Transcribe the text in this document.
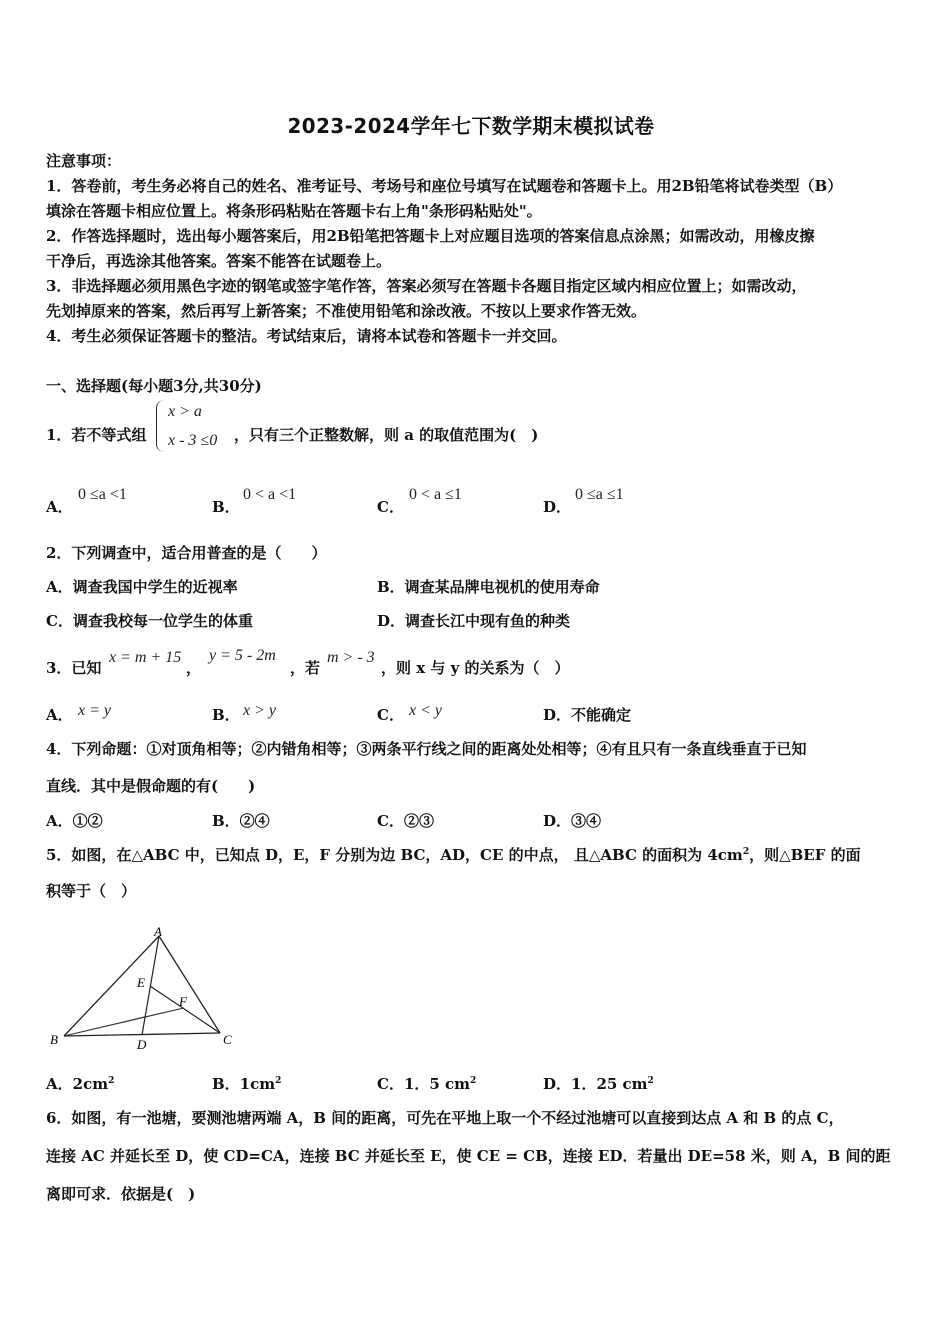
2023-2024学年七下数学期末模拟试卷
注意事项：
1．答卷前，考生务必将自己的姓名、准考证号、考场号和座位号填写在试题卷和答题卡上。用2B铅笔将试卷类型（B）
填涂在答题卡相应位置上。将条形码粘贴在答题卡右上角"条形码粘贴处"。
2．作答选择题时，选出每小题答案后，用2B铅笔把答题卡上对应题目选项的答案信息点涂黑；如需改动，用橡皮擦
干净后，再选涂其他答案。答案不能答在试题卷上。
3．非选择题必须用黑色字迹的钢笔或签字笔作答，答案必须写在答题卡各题目指定区域内相应位置上；如需改动，
先划掉原来的答案，然后再写上新答案；不准使用铅笔和涂改液。不按以上要求作答无效。
4．考生必须保证答题卡的整洁。考试结束后，请将本试卷和答题卡一并交回。
一、选择题(每小题3分,共30分)
1．若不等式组
x > a
x - 3 ≤0 ，只有三个正整数解，则 a 的取值范围为(　)
A．
0 ≤a <1
B．
0 < a <1
C．
0 < a ≤1
D．
0 ≤a ≤1
2．下列调查中，适合用普查的是（　　）
A．调查我国中学生的近视率	B．调查某品牌电视机的使用寿命
C．调查我校每一位学生的体重	D．调查长江中现有鱼的种类
3．已知
x = m + 15
，
y = 5 - 2m
，若
m > - 3
，则 x 与 y 的关系为（　）
A． x = y	B． x > y	C． x < y	D． 不能确定
4．下列命题：①对顶角相等；②内错角相等；③两条平行线之间的距离处处相等；④有且只有一条直线垂直于已知
直线．其中是假命题的有(　　)
A．①②	B．②④	C．②③	D．③④
5．如图，在△ABC 中，已知点 D，E，F 分别为边 BC，AD，CE 的中点， 且△ABC 的面积为 $4cm^2$，则△BEF 的面
积等于（　）
A
B	C
D
E
F
A．$2cm^2$	B．$1cm^2$	C．1．5 $cm^2$	D．1．25 $cm^2$
6．如图，有一池塘，要测池塘两端 A，B 间的距离，可先在平地上取一个不经过池塘可以直接到达点 A 和 B 的点 C，
连接 AC 并延长至 D，使 CD=CA，连接 BC 并延长至 E，使 CE = CB，连接 ED．若量出 DE=58 米，则 A，B 间的距
离即可求．依据是(　)
